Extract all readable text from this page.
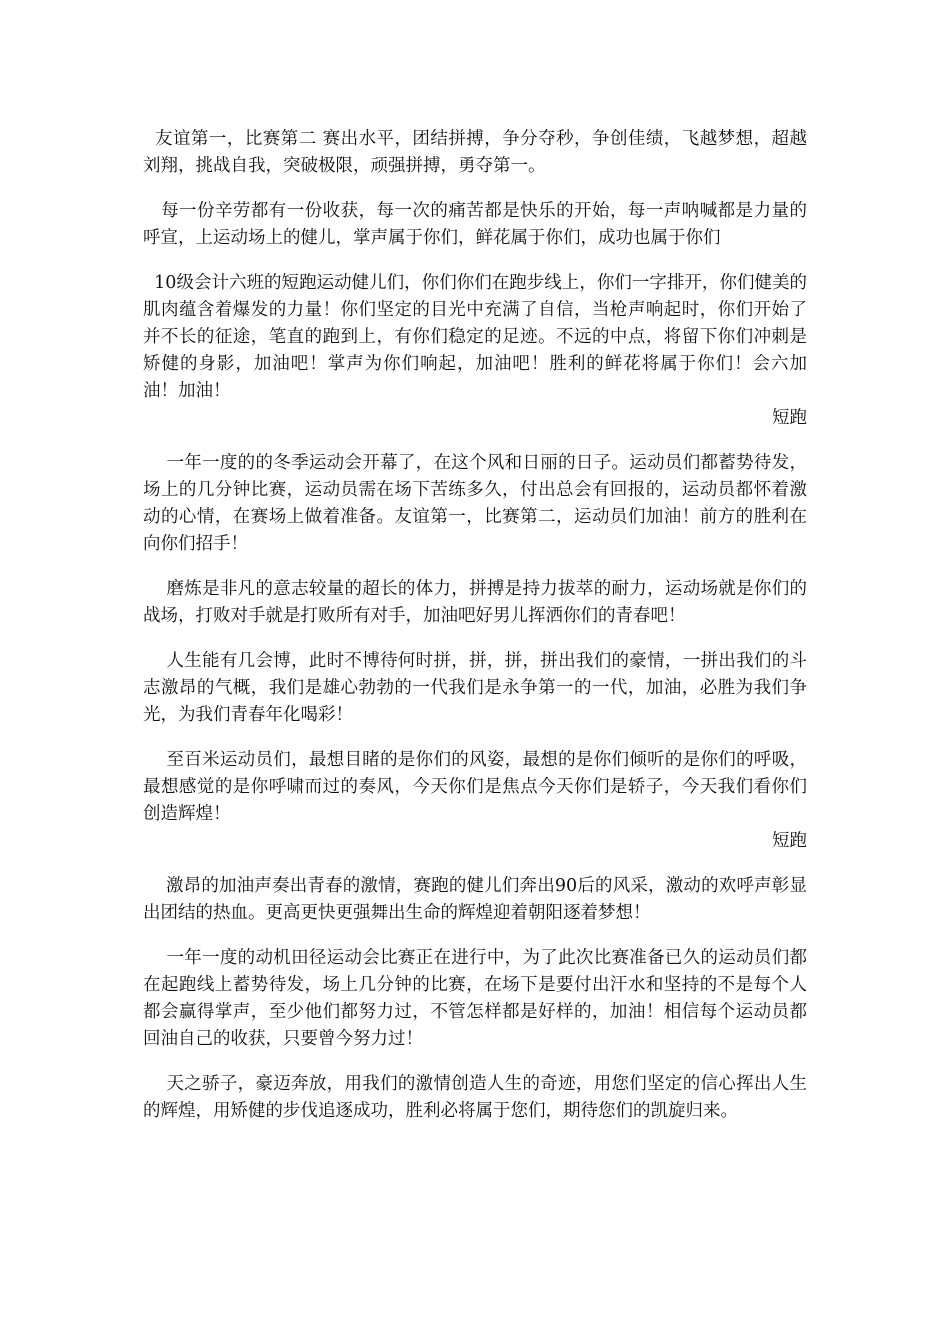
友谊第一，比赛第二 赛出水平，团结拼搏，争分夺秒，争创佳绩，飞越梦想，超越刘翔，挑战自我，突破极限，顽强拼搏，勇夺第一。

每一份辛劳都有一份收获，每一次的痛苦都是快乐的开始，每一声呐喊都是力量的呼宣，上运动场上的健儿，掌声属于你们，鲜花属于你们，成功也属于你们

10级会计六班的短跑运动健儿们，你们你们在跑步线上，你们一字排开，你们健美的肌肉蕴含着爆发的力量！你们坚定的目光中充满了自信，当枪声响起时，你们开始了并不长的征途，笔直的跑到上，有你们稳定的足迹。不远的中点，将留下你们冲刺是矫健的身影，加油吧！掌声为你们响起，加油吧！胜利的鲜花将属于你们！会六加油！加油！

短跑

一年一度的的冬季运动会开幕了，在这个风和日丽的日子。运动员们都蓄势待发，场上的几分钟比赛，运动员需在场下苦练多久，付出总会有回报的，运动员都怀着激动的心情，在赛场上做着准备。友谊第一，比赛第二，运动员们加油！前方的胜利在向你们招手！

磨炼是非凡的意志较量的超长的体力，拼搏是持力拔萃的耐力，运动场就是你们的战场，打败对手就是打败所有对手，加油吧好男儿挥洒你们的青春吧！

人生能有几会博，此时不博待何时拼，拼，拼，拼出我们的豪情，一拼出我们的斗志激昂的气概，我们是雄心勃勃的一代我们是永争第一的一代，加油，必胜为我们争光，为我们青春年化喝彩！

至百米运动员们，最想目睹的是你们的风姿，最想的是你们倾听的是你们的呼吸，最想感觉的是你呼啸而过的奏风，今天你们是焦点今天你们是轿子，今天我们看你们创造辉煌！

短跑

激昂的加油声奏出青春的激情，赛跑的健儿们奔出90后的风采，激动的欢呼声彰显出团结的热血。更高更快更强舞出生命的辉煌迎着朝阳逐着梦想！

一年一度的动机田径运动会比赛正在进行中，为了此次比赛准备已久的运动员们都在起跑线上蓄势待发，场上几分钟的比赛，在场下是要付出汗水和坚持的不是每个人都会赢得掌声，至少他们都努力过，不管怎样都是好样的，加油！相信每个运动员都回油自己的收获，只要曾今努力过！

天之骄子，豪迈奔放，用我们的激情创造人生的奇迹，用您们坚定的信心挥出人生的辉煌，用矫健的步伐追逐成功，胜利必将属于您们，期待您们的凯旋归来。
